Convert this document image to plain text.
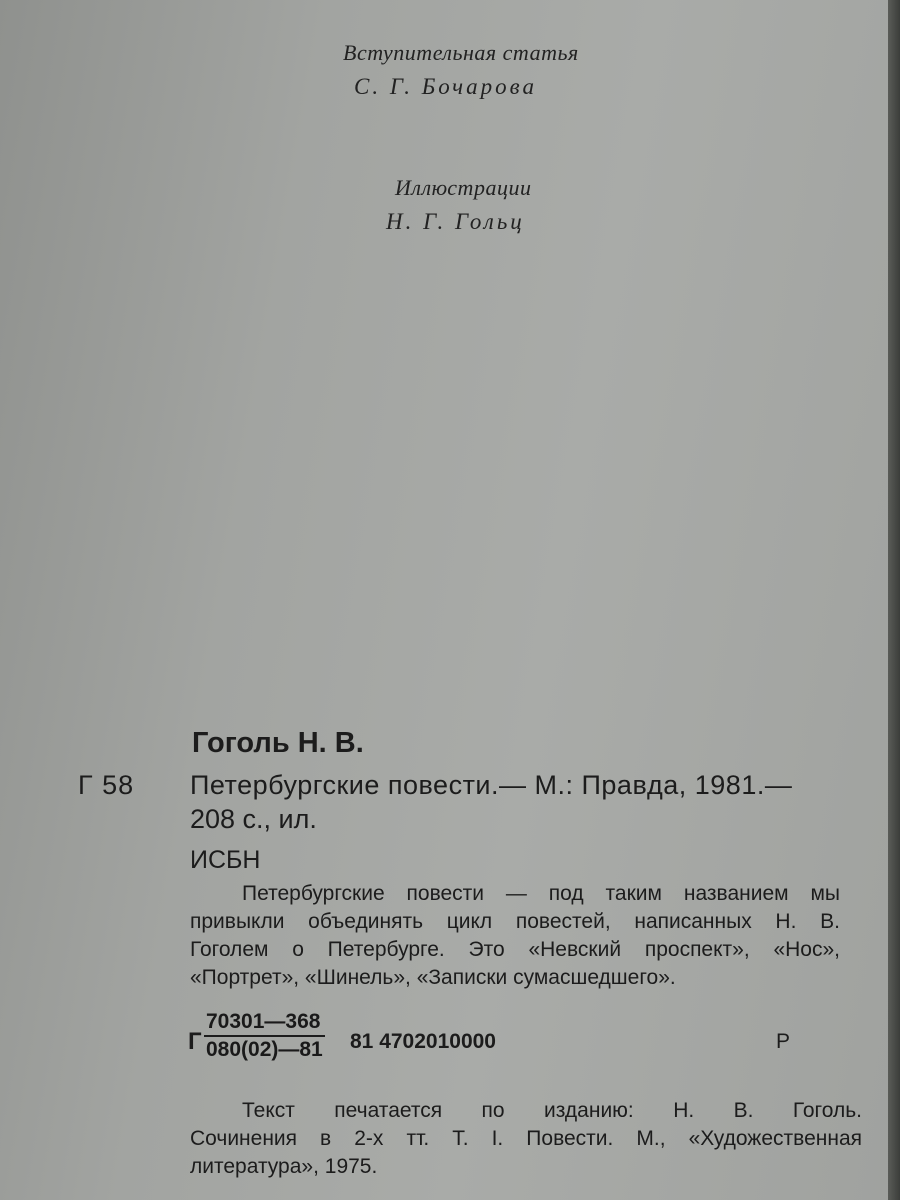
Вступительная статья
С. Г. Бочарова
Иллюстрации
Н. Г. Гольц
Гоголь Н. В.
Г 58 Петербургские повести.— М.: Правда, 1981.—
208 с., ил.
ИСБН
Петербургские повести — под таким названием мы
привыкли объединять цикл повестей, написанных Н. В.
Гоголем о Петербурге. Это «Невский проспект», «Нос»,
«Портрет», «Шинель», «Записки сумасшедшего».
Г $\frac{70301—368}{080(02)—81} 81$ 4702010000	Р
Текст печатается по изданию: Н. В. Гоголь.
Сочинения в 2-х тт. Т. I. Повести. М., «Художественная
литература», 1975.
